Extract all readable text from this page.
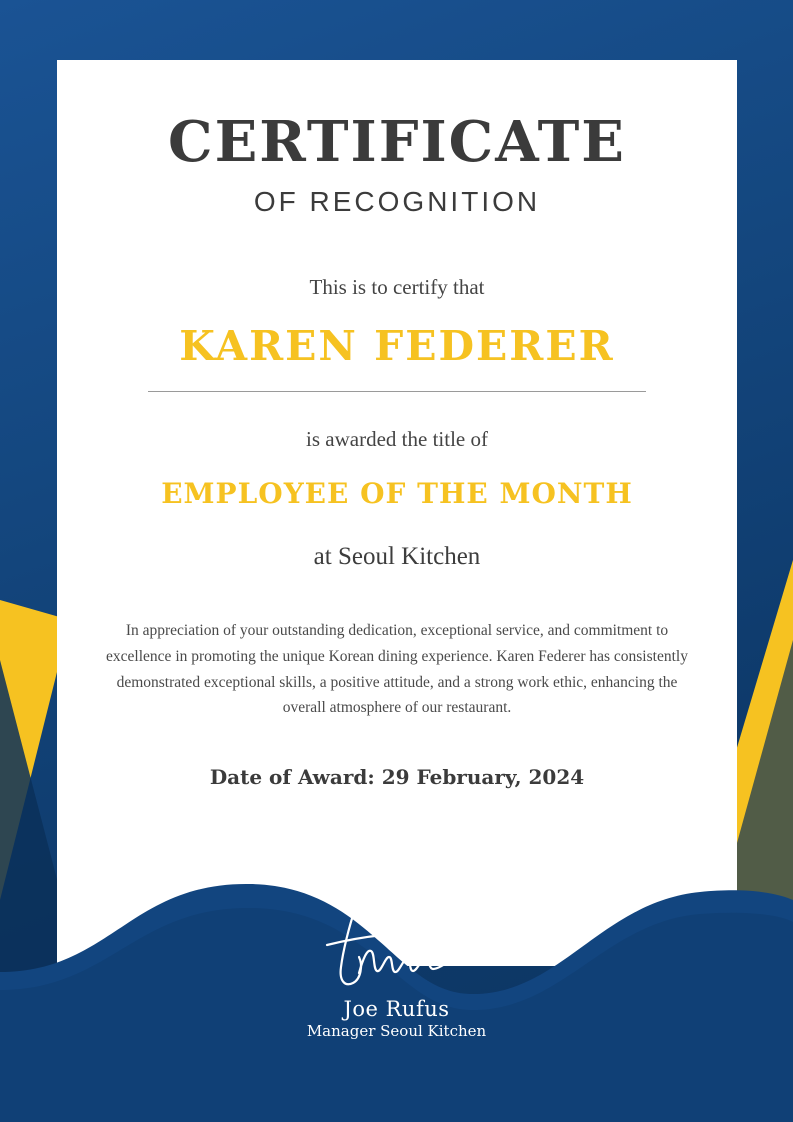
CERTIFICATE
OF RECOGNITION
This is to certify that
KAREN FEDERER
is awarded the title of
EMPLOYEE OF THE MONTH
at Seoul Kitchen
In appreciation of your outstanding dedication, exceptional service, and commitment to excellence in promoting the unique Korean dining experience. Karen Federer has consistently demonstrated exceptional skills, a positive attitude, and a strong work ethic, enhancing the overall atmosphere of our restaurant.
Date of Award: 29 February, 2024
Joe Rufus
Manager Seoul Kitchen
